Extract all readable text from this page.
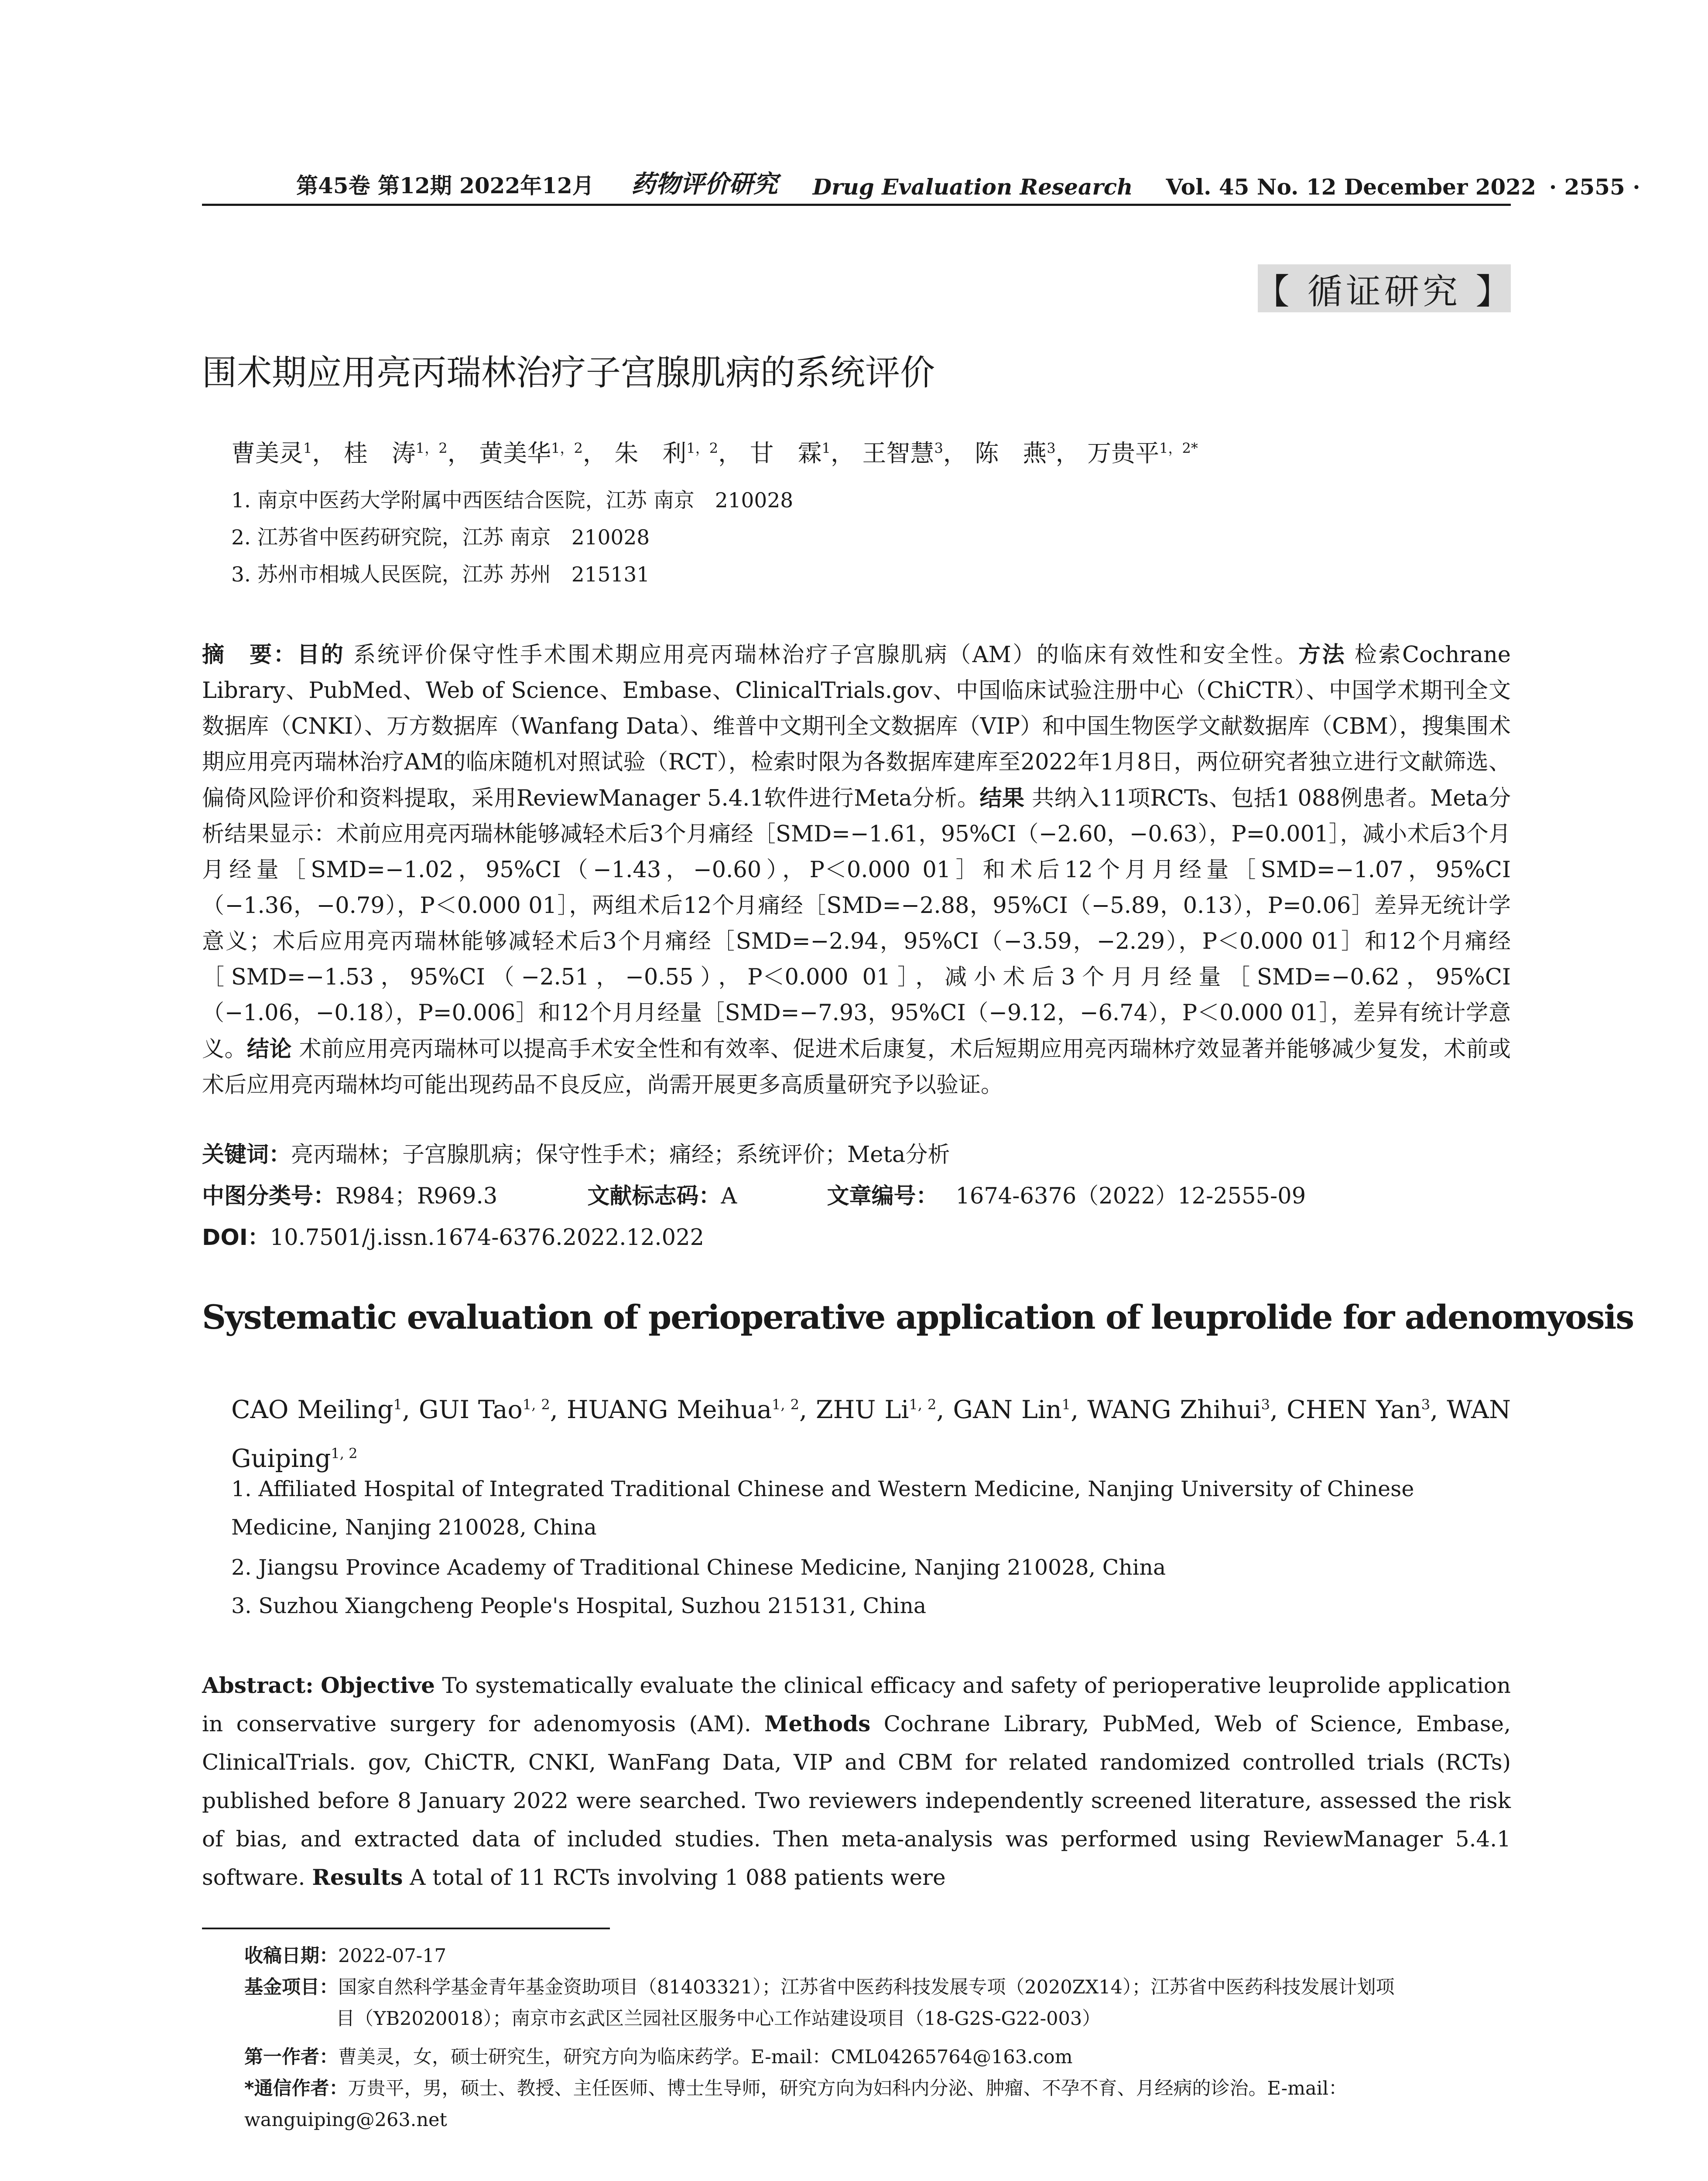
第45卷 第12期 2022年12月 药物评价研究 Drug Evaluation Research Vol. 45 No. 12 December 2022 · 2555 ·
【 循证研究 】
围术期应用亮丙瑞林治疗子宫腺肌病的系统评价
曹美灵$^1$， 桂　涛$^{1,2}$， 黄美华$^{1,2}$， 朱　利$^{1,2}$， 甘　霖$^1$， 王智慧$^3$， 陈　燕$^3$， 万贵平$^{1,2*}$
1. 南京中医药大学附属中西医结合医院，江苏 南京　210028
2. 江苏省中医药研究院，江苏 南京　210028
3. 苏州市相城人民医院，江苏 苏州　215131
摘　要：目的 系统评价保守性手术围术期应用亮丙瑞林治疗子宫腺肌病（AM）的临床有效性和安全性。方法 检索Cochrane Library、PubMed、Web of Science、Embase、ClinicalTrials.gov、中国临床试验注册中心（ChiCTR）、中国学术期刊全文数据库（CNKI）、万方数据库（Wanfang Data）、维普中文期刊全文数据库（VIP）和中国生物医学文献数据库（CBM），搜集围术期应用亮丙瑞林治疗AM的临床随机对照试验（RCT），检索时限为各数据库建库至2022年1月8日，两位研究者独立进行文献筛选、偏倚风险评价和资料提取，采用ReviewManager 5.4.1软件进行Meta分析。结果 共纳入11项RCTs、包括1 088例患者。Meta分析结果显示：术前应用亮丙瑞林能够减轻术后3个月痛经［SMD=−1.61，95%CI（−2.60，−0.63），P=0.001］，减小术后3个月月经量［SMD=−1.02，95%CI（−1.43，−0.60），P＜0.000 01］和术后12个月月经量［SMD=−1.07，95%CI（−1.36，−0.79），P＜0.000 01］，两组术后12个月痛经［SMD=−2.88，95%CI（−5.89，0.13），P=0.06］差异无统计学意义；术后应用亮丙瑞林能够减轻术后3个月痛经［SMD=−2.94，95%CI（−3.59，−2.29），P＜0.000 01］和12个月痛经［SMD=−1.53，95%CI（−2.51，−0.55），P＜0.000 01］，减小术后3个月月经量［SMD=−0.62，95%CI（−1.06，−0.18），P=0.006］和12个月月经量［SMD=−7.93，95%CI（−9.12，−6.74），P＜0.000 01］，差异有统计学意义。结论 术前应用亮丙瑞林可以提高手术安全性和有效率、促进术后康复，术后短期应用亮丙瑞林疗效显著并能够减少复发，术前或术后应用亮丙瑞林均可能出现药品不良反应，尚需开展更多高质量研究予以验证。
关键词：亮丙瑞林；子宫腺肌病；保守性手术；痛经；系统评价；Meta分析
中图分类号：R984；R969.3	文献标志码：A	文章编号： 1674-6376（2022）12-2555-09
DOI：10.7501/j.issn.1674-6376.2022.12.022
Systematic evaluation of perioperative application of leuprolide for adenomyosis
CAO Meiling$^1$, GUI Tao$^{1, 2}$, HUANG Meihua$^{1, 2}$, ZHU Li$^{1, 2}$, GAN Lin$^1$, WANG Zhihui$^3$, CHEN Yan$^3$, WAN Guiping$^{1, 2}$
1. Affiliated Hospital of Integrated Traditional Chinese and Western Medicine, Nanjing University of Chinese Medicine, Nanjing 210028, China
2. Jiangsu Province Academy of Traditional Chinese Medicine, Nanjing 210028, China
3. Suzhou Xiangcheng People's Hospital, Suzhou 215131, China
Abstract: Objective To systematically evaluate the clinical efficacy and safety of perioperative leuprolide application in conservative surgery for adenomyosis (AM). Methods Cochrane Library, PubMed, Web of Science, Embase, ClinicalTrials. gov, ChiCTR, CNKI, WanFang Data, VIP and CBM for related randomized controlled trials (RCTs) published before 8 January 2022 were searched. Two reviewers independently screened literature, assessed the risk of bias, and extracted data of included studies. Then meta-analysis was performed using ReviewManager 5.4.1 software. Results A total of 11 RCTs involving 1 088 patients were
收稿日期：2022-07-17
基金项目：国家自然科学基金青年基金资助项目（81403321）；江苏省中医药科技发展专项（2020ZX14）；江苏省中医药科技发展计划项
目（YB2020018）；南京市玄武区兰园社区服务中心工作站建设项目（18-G2S-G22-003）
第一作者：曹美灵，女，硕士研究生，研究方向为临床药学。E-mail：CML04265764@163.com
*通信作者：万贵平，男，硕士、教授、主任医师、博士生导师，研究方向为妇科内分泌、肿瘤、不孕不育、月经病的诊治。E-mail：wanguiping@263.net
